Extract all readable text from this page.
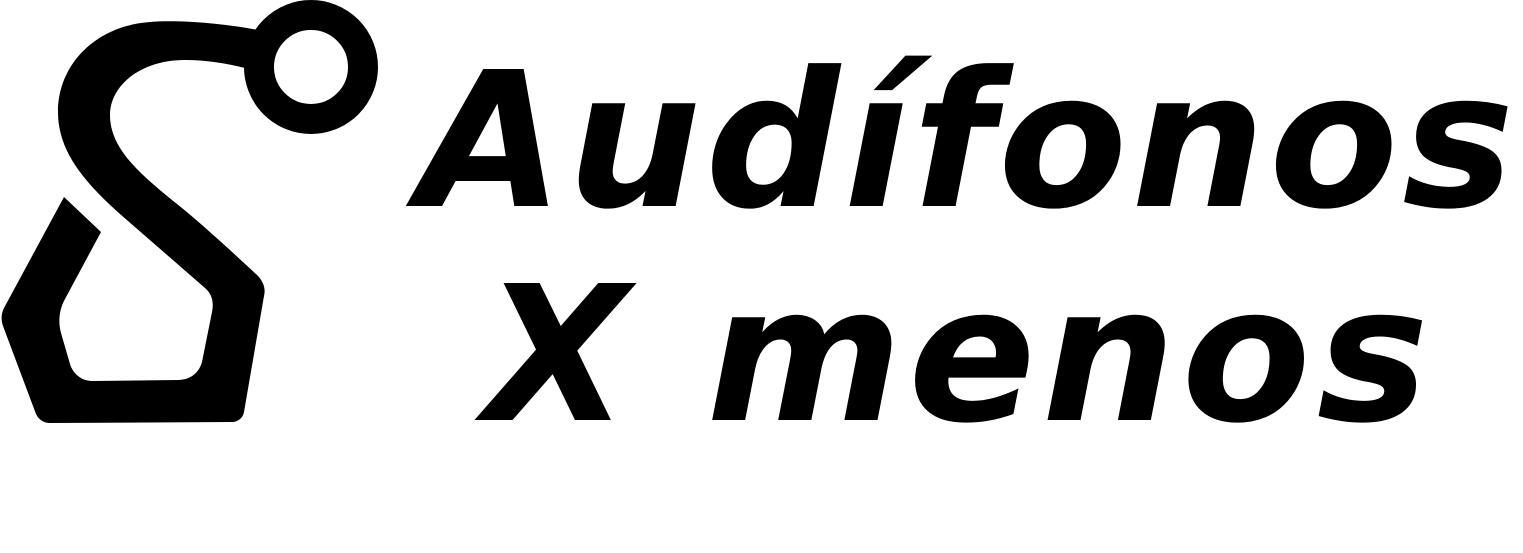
Audífonos
X menos
